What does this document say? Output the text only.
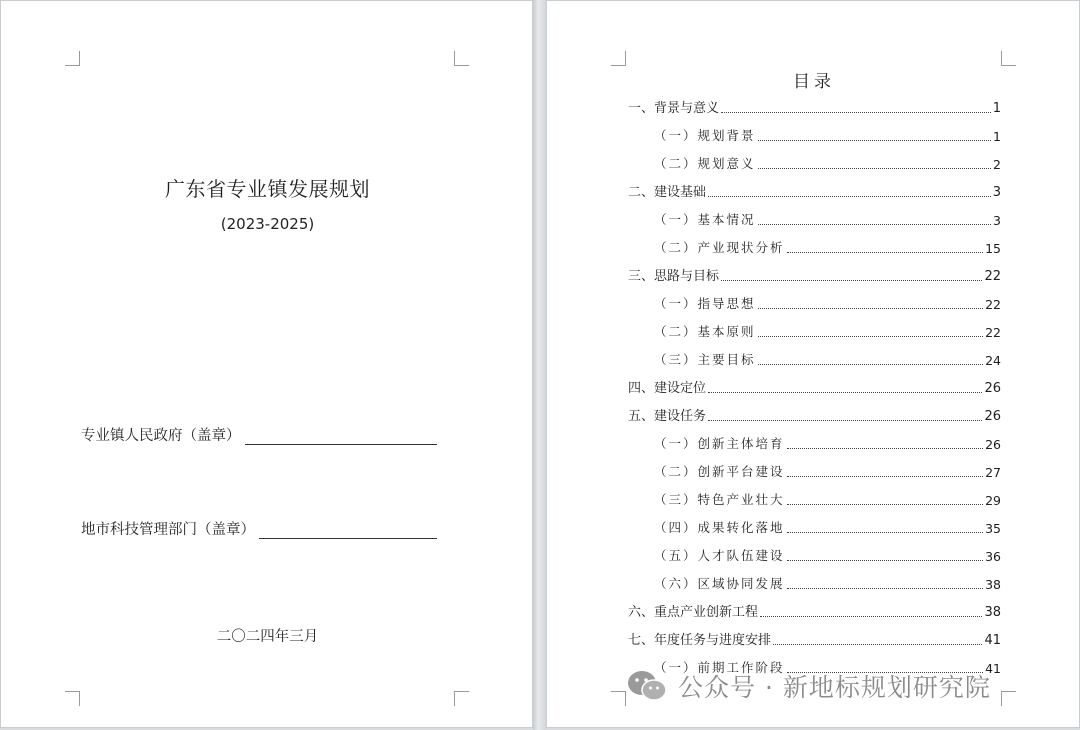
广东省专业镇发展规划
(2023-2025)
专业镇人民政府（盖章）
地市科技管理部门（盖章）
二〇二四年三月
目录
一、背景与意义	1
（一）规划背景	1
（二）规划意义	2
二、建设基础	3
（一）基本情况	3
（二）产业现状分析	15
三、思路与目标	22
（一）指导思想	22
（二）基本原则	22
（三）主要目标	24
四、建设定位	26
五、建设任务	26
（一）创新主体培育	26
（二）创新平台建设	27
（三）特色产业壮大	29
（四）成果转化落地	35
（五）人才队伍建设	36
（六）区域协同发展	38
六、重点产业创新工程	38
七、年度任务与进度安排	41
（一）前期工作阶段	41
公众号 · 新地标规划研究院
